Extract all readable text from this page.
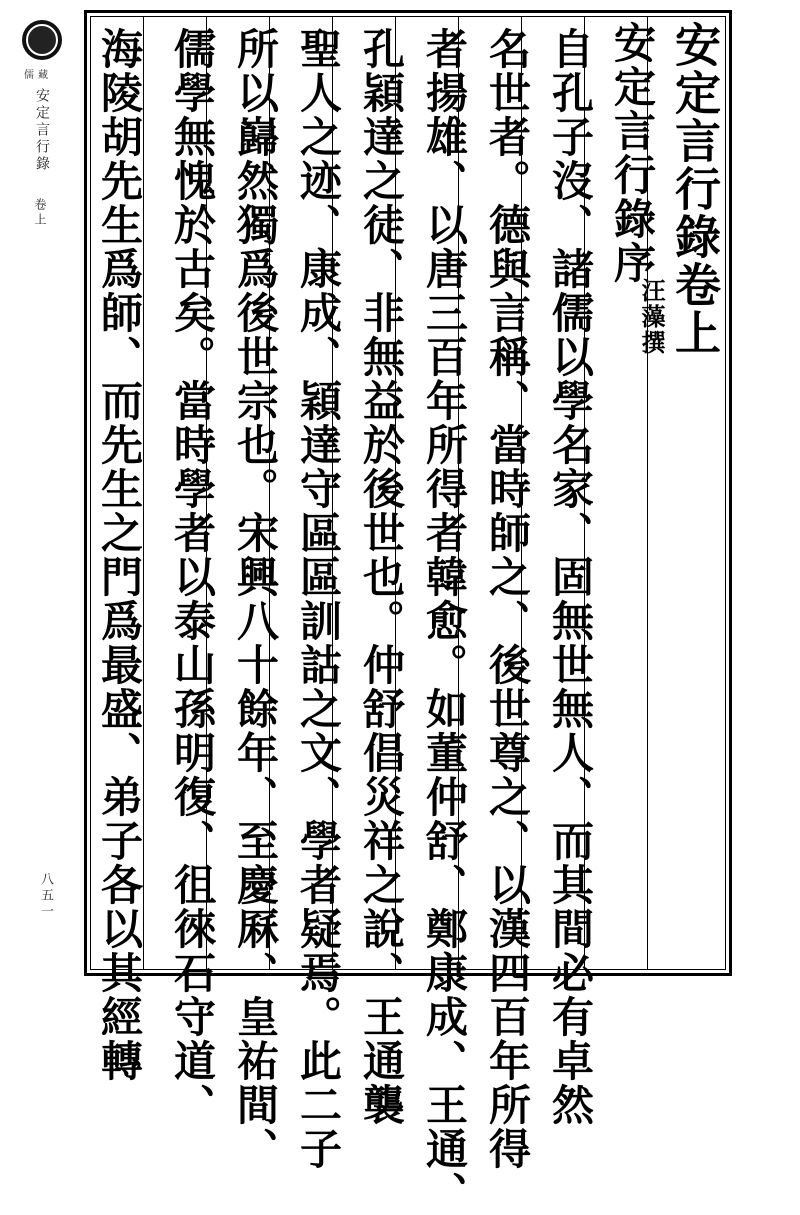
儒藏
安定言行錄
卷上
八五一
安定言行錄卷上
安定言行錄序
汪藻撰
自孔子沒、諸儒以學名家、固無世無人、而其間必有卓然
名世者。德與言稱、當時師之、後世尊之、以漢四百年所得
者揚雄、以唐三百年所得者韓愈。如董仲舒、鄭康成、王通、
孔穎達之徒、非無益於後世也。仲舒倡災祥之說、王通襲
聖人之迹、康成、穎達守區區訓詁之文、學者疑焉。此二子
所以巋然獨爲後世宗也。宋興八十餘年、至慶厤、皇祐間、
儒學無愧於古矣。當時學者以泰山孫明復、徂徠石守道、
海陵胡先生爲師、而先生之門爲最盛、弟子各以其經轉
